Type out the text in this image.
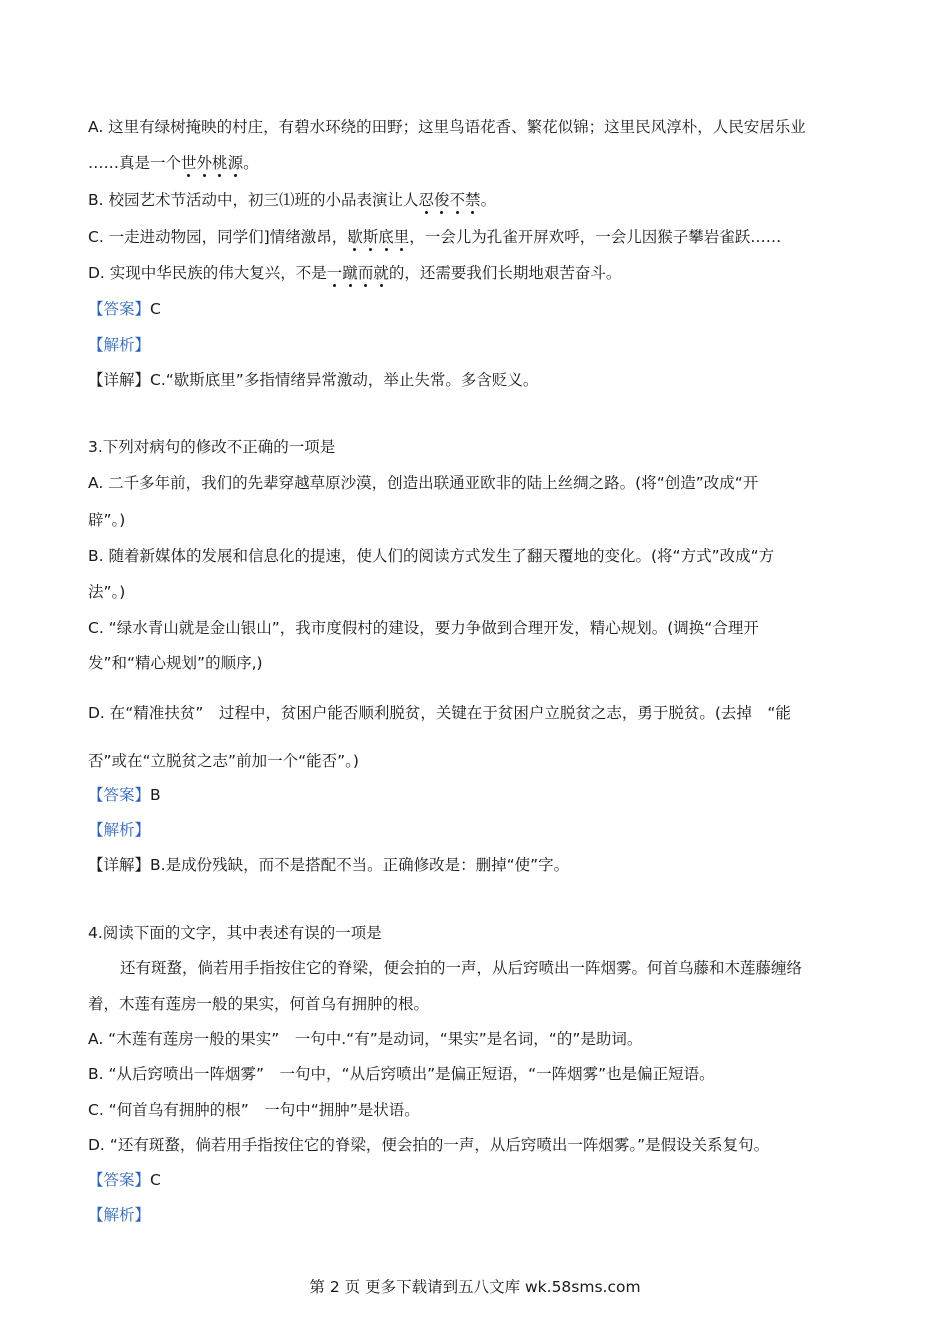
A. 这里有绿树掩映的村庄，有碧水环绕的田野；这里鸟语花香、繁花似锦；这里民风淳朴，人民安居乐业
……真是一个世外桃源。
B. 校园艺术节活动中，初三⑴班的小品表演让人忍俊不禁。
C. 一走进动物园，同学们]情绪激昂，歇斯底里，一会儿为孔雀开屏欢呼，一会儿因猴子攀岩雀跃……
D. 实现中华民族的伟大复兴，不是一蹴而就的，还需要我们长期地艰苦奋斗。
【答案】C
【解析】
【详解】C.“歇斯底里”多指情绪异常激动，举止失常。多含贬义。
3.下列对病句的修改不正确的一项是
A. 二千多年前，我们的先辈穿越草原沙漠，创造出联通亚欧非的陆上丝绸之路。(将“创造”改成“开
辟”。)
B. 随着新媒体的发展和信息化的提速，使人们的阅读方式发生了翻天覆地的变化。(将“方式”改成“方
法”。)
C. “绿水青山就是金山银山”，我市度假村的建设，要力争做到合理开发，精心规划。(调换“合理开
发”和“精心规划”的顺序,)
D. 在“精准扶贫”　过程中，贫困户能否顺利脱贫，关键在于贫困户立脱贫之志，勇于脱贫。(去掉　“能
否”或在“立脱贫之志”前加一个“能否”。)
【答案】B
【解析】
【详解】B.是成份残缺，而不是搭配不当。正确修改是：删掉“使”字。
4.阅读下面的文字，其中表述有误的一项是
还有斑蝥，倘若用手指按住它的脊梁，便会拍的一声，从后窍喷出一阵烟雾。何首乌藤和木莲藤缠络
着，木莲有莲房一般的果实，何首乌有拥肿的根。
A. “木莲有莲房一般的果实”　一句中.“有”是动词，“果实”是名词，“的”是助词。
B. “从后窍喷出一阵烟雾”　一句中，“从后窍喷出”是偏正短语，“一阵烟雾”也是偏正短语。
C. “何首乌有拥肿的根”　一句中“拥肿”是状语。
D. “还有斑蝥，倘若用手指按住它的脊梁，便会拍的一声，从后窍喷出一阵烟雾。”是假设关系复句。
【答案】C
【解析】
第 2 页 更多下载请到五八文库 wk.58sms.com
